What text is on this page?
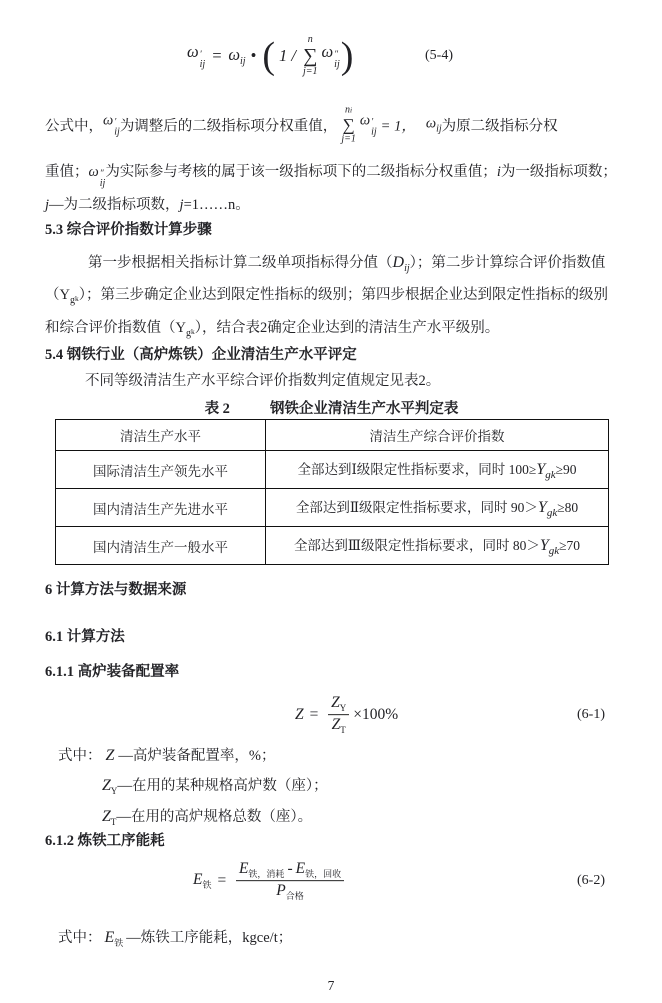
ω ′
ij = $\omega_{ij}$ • ( 1 /
n
∑
j=1
ω ″
ij )	(5-4)
公式中， ω ′
ij 为调整后的二级指标项分权重值，
ni
∑
j=1
ω ′
ij = 1， $\omega_{ij}$ 为原二级指标分权
重值；ω ″
ij
为实际参与考核的属于该一级指标项下的二级指标分权重值；i为一级指标项数；
j—为二级指标项数，j=1……n。
5.3 综合评价指数计算步骤
第一步根据相关指标计算二级单项指标得分值$(D_{ij})$；第二步计算综合评价指数值
$(Y_gk)$；第三步确定企业达到限定性指标的级别；第四步根据企业达到限定性指标的级别
和综合评价指数值$(Y_gk)$，结合表2确定企业达到的清洁生产水平级别。
5.4 钢铁行业（高炉炼铁）企业清洁生产水平评定
不同等级清洁生产水平综合评价指数判定值规定见表2。
表 2	钢铁企业清洁生产水平判定表
清洁生产水平	清洁生产综合评价指数
国际清洁生产领先水平	全部达到Ⅰ级限定性指标要求，同时 $100\ge Y_{gk}\ge 90$
国内清洁生产先进水平	全部达到Ⅱ级限定性指标要求，同时 $90>Y_{gk}\ge 80$
国内清洁生产一般水平	全部达到Ⅲ级限定性指标要求，同时 $80>Y_{gk}\ge 70$
6 计算方法与数据来源
6.1 计算方法
6.1.1 高炉装备配置率
$Z = \frac{Z_Y}{Z_T} \times 100\%$	(6-1)
式中： Z —高炉装备配置率，%；
$Z_Y—$在用的某种规格高炉数（座）；
$Z_T—$在用的高炉规格总数（座）。
6.1.2 炼铁工序能耗
$E_铁 = \frac{E_{铁,消耗} - E_{铁,回收}}{P_{合格}}$	(6-2)
式中： $E_铁$ —炼铁工序能耗，kgce/t；
7
